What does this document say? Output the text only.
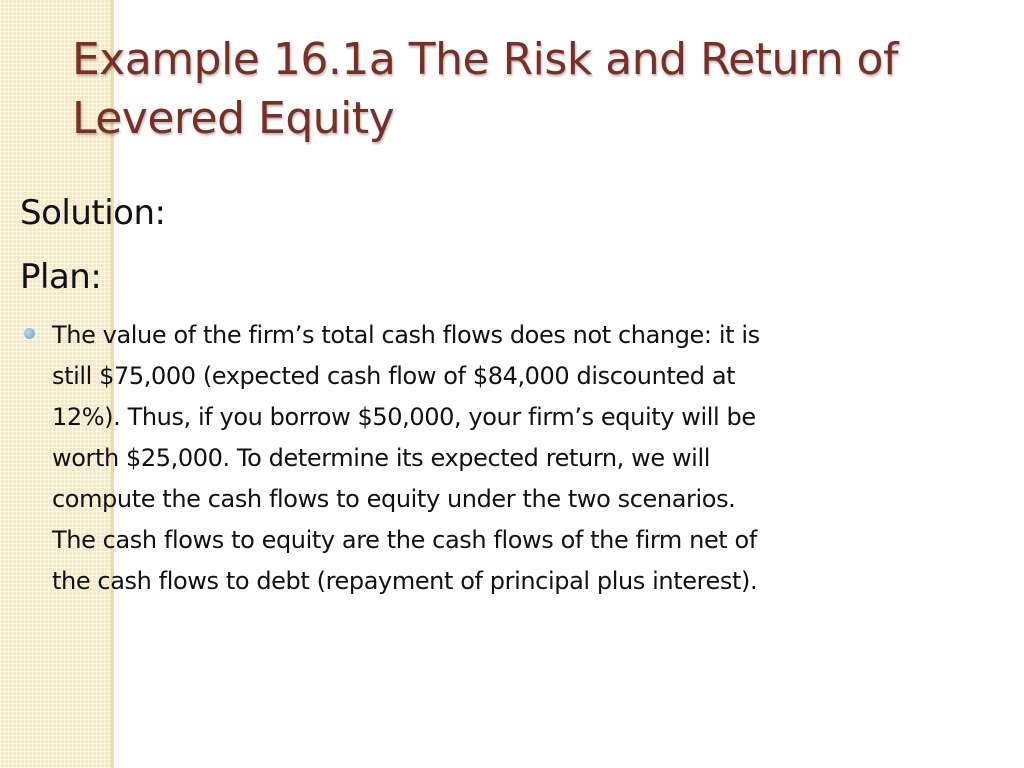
Example 16.1a The Risk and Return of
Levered Equity

Solution:

Plan:

The value of the firm’s total cash flows does not change: it is
still $75,000 (expected cash flow of $84,000 discounted at
12%). Thus, if you borrow $50,000, your firm’s equity will be
worth $25,000. To determine its expected return, we will
compute the cash flows to equity under the two scenarios.
The cash flows to equity are the cash flows of the firm net of
the cash flows to debt (repayment of principal plus interest).
